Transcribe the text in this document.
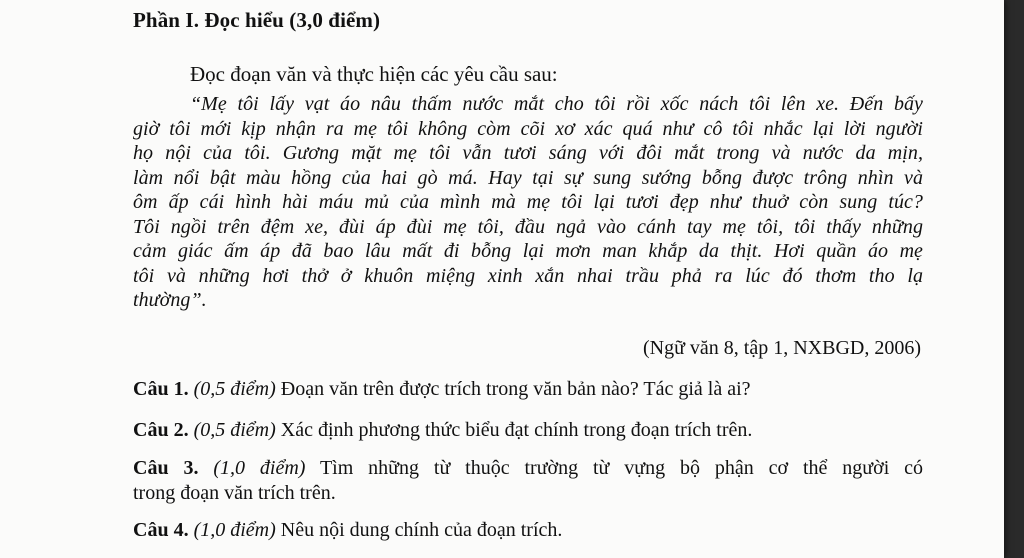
Phần I. Đọc hiểu (3,0 điểm)
Đọc đoạn văn và thực hiện các yêu cầu sau:
“Mẹ tôi lấy vạt áo nâu thấm nước mắt cho tôi rồi xốc nách tôi lên xe. Đến bấy
giờ tôi mới kịp nhận ra mẹ tôi không còm cõi xơ xác quá như cô tôi nhắc lại lời người
họ nội của tôi. Gương mặt mẹ tôi vẫn tươi sáng với đôi mắt trong và nước da mịn,
làm nổi bật màu hồng của hai gò má. Hay tại sự sung sướng bỗng được trông nhìn và
ôm ấp cái hình hài máu mủ của mình mà mẹ tôi lại tươi đẹp như thuở còn sung túc?
Tôi ngồi trên đệm xe, đùi áp đùi mẹ tôi, đầu ngả vào cánh tay mẹ tôi, tôi thấy những
cảm giác ấm áp đã bao lâu mất đi bỗng lại mơn man khắp da thịt. Hơi quần áo mẹ
tôi và những hơi thở ở khuôn miệng xinh xắn nhai trầu phả ra lúc đó thơm tho lạ
thường”.
(Ngữ văn 8, tập 1, NXBGD, 2006)
Câu 1. (0,5 điểm) Đoạn văn trên được trích trong văn bản nào? Tác giả là ai?
Câu 2. (0,5 điểm) Xác định phương thức biểu đạt chính trong đoạn trích trên.
Câu 3. (1,0 điểm) Tìm những từ thuộc trường từ vựng bộ phận cơ thể người có
trong đoạn văn trích trên.
Câu 4. (1,0 điểm) Nêu nội dung chính của đoạn trích.
